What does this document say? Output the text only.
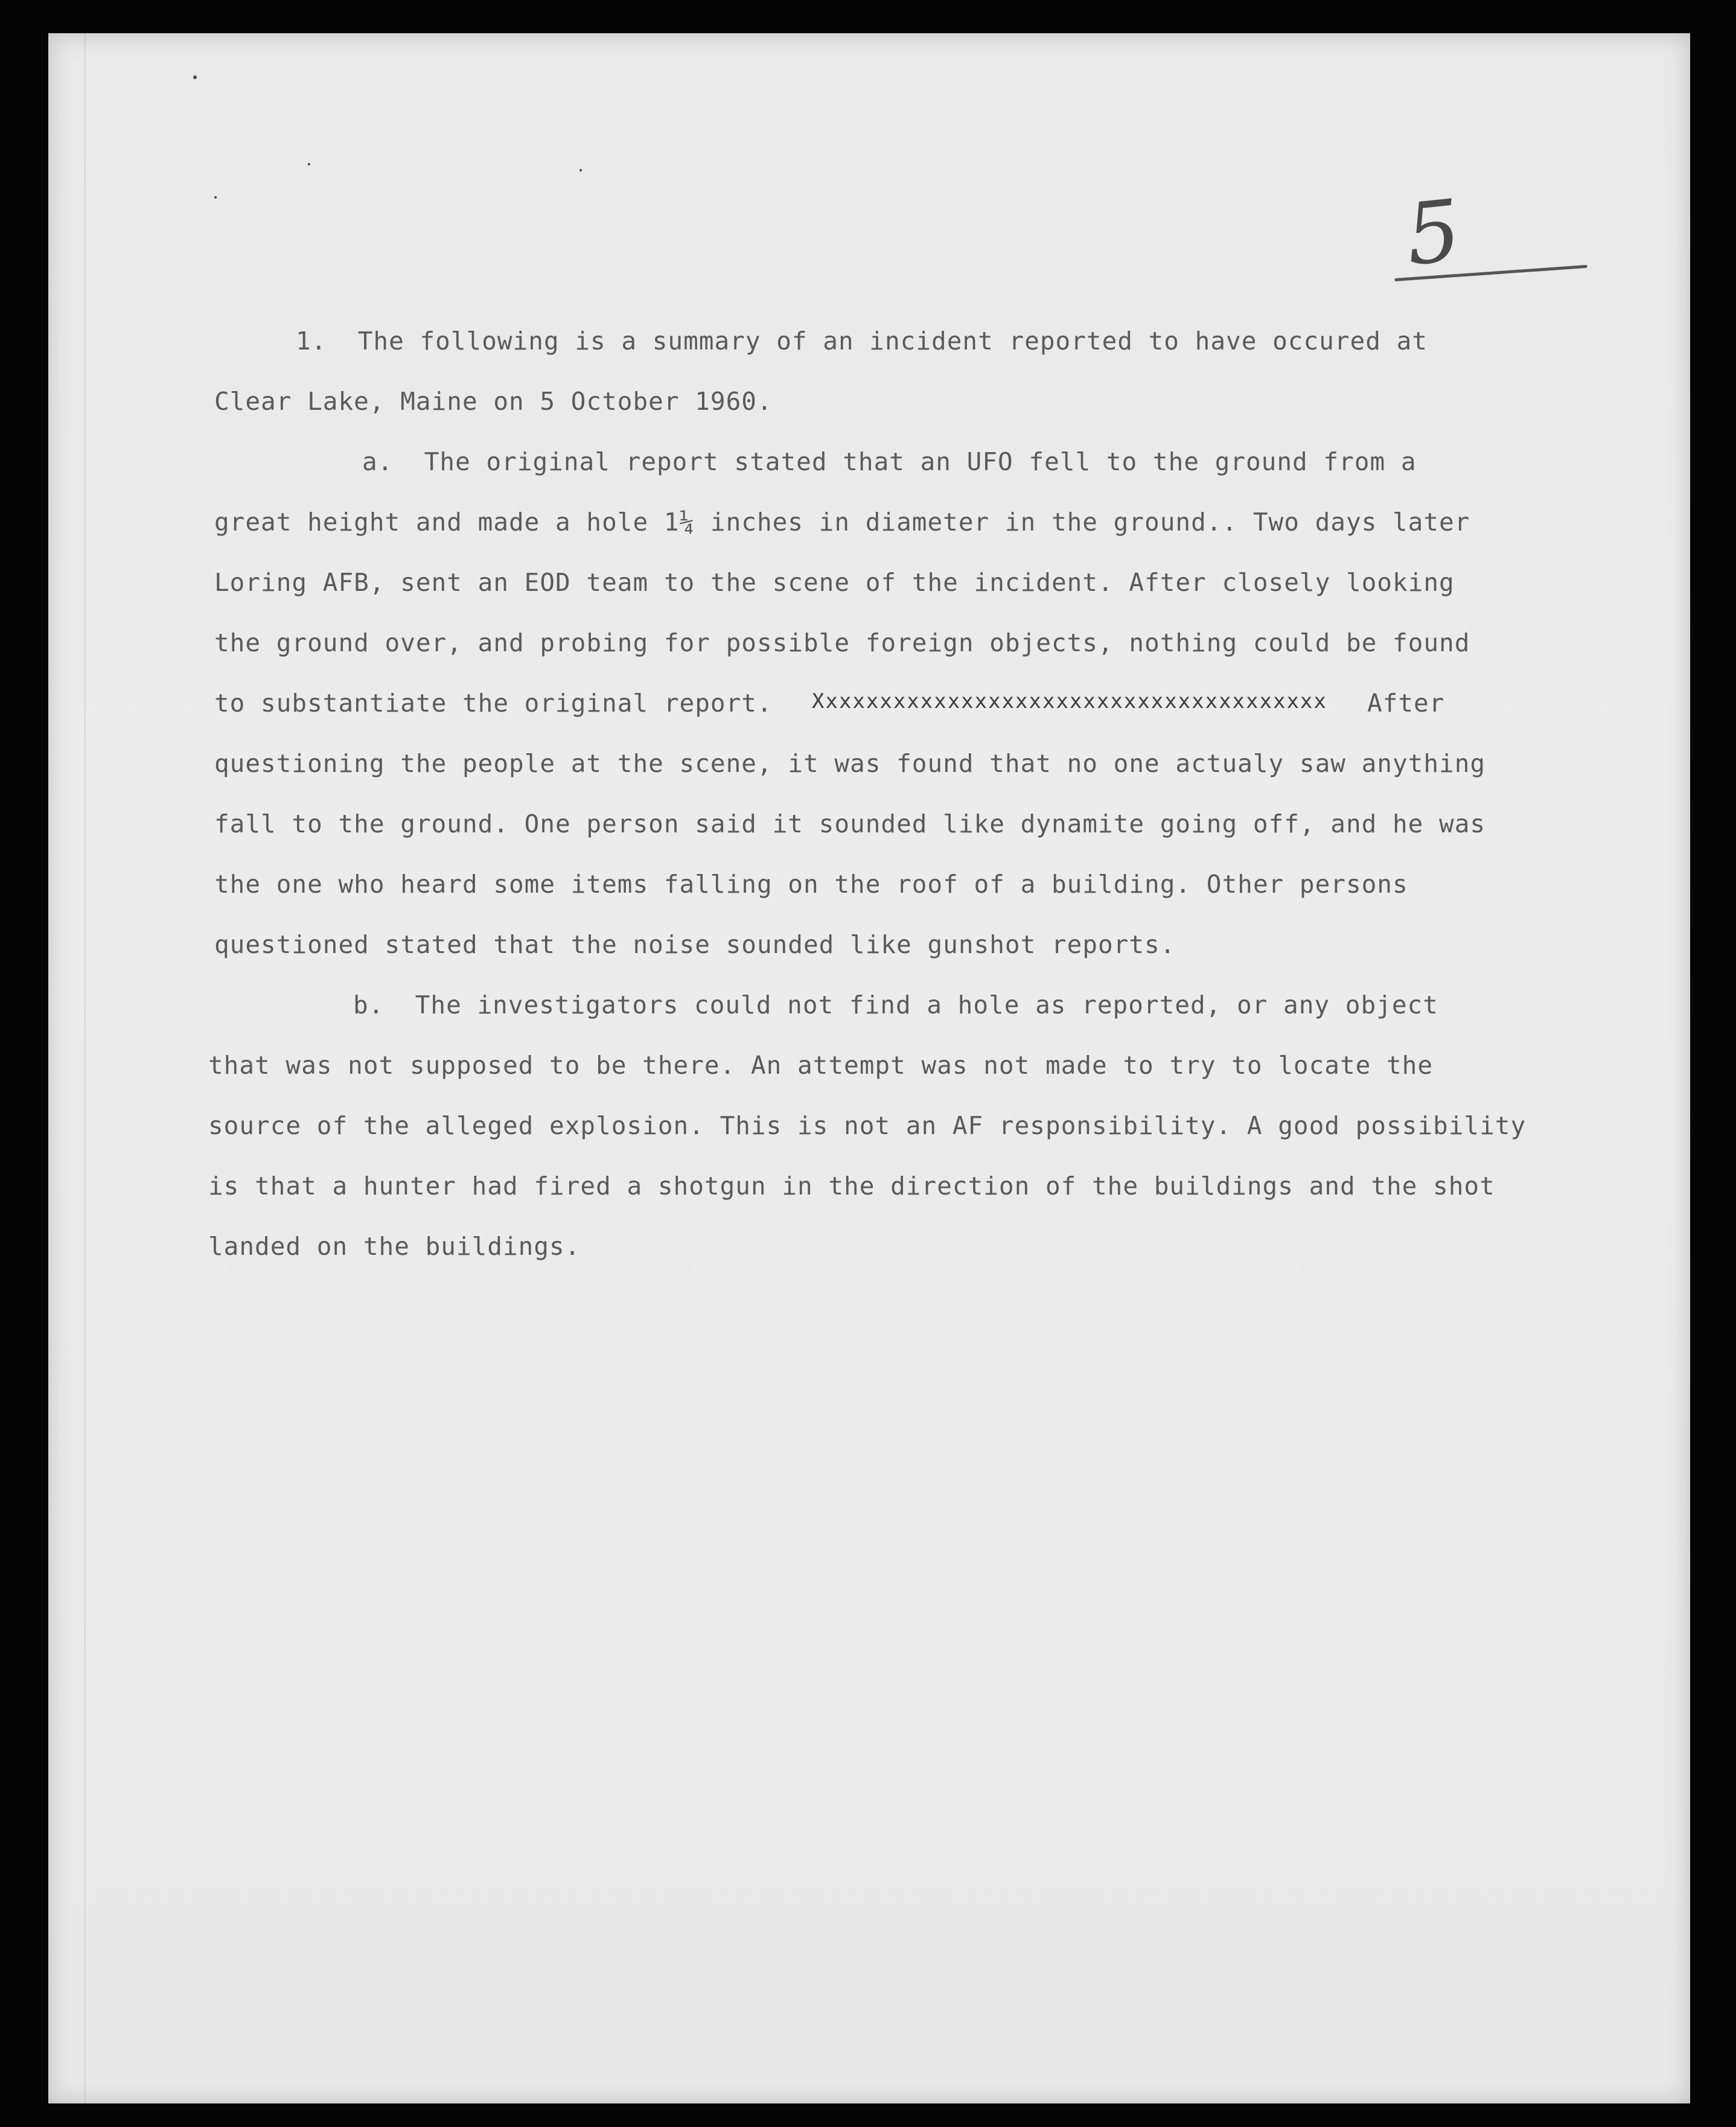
5
1.  The following is a summary of an incident reported to have occured at
Clear Lake, Maine on 5 October 1960.
a.  The original report stated that an UFO fell to the ground from a
great height and made a hole 1¼ inches in diameter in the ground.. Two days later
Loring AFB, sent an EOD team to the scene of the incident. After closely looking
the ground over, and probing for possible foreign objects, nothing could be found
to substantiate the original report. Xxxxxxxxxxxxxxxxxxxxxxxxxxxxxxxxxxxxxx After
questioning the people at the scene, it was found that no one actualy saw anything
fall to the ground. One person said it sounded like dynamite going off, and he was
the one who heard some items falling on the roof of a building. Other persons
questioned stated that the noise sounded like gunshot reports.
b.  The investigators could not find a hole as reported, or any object
that was not supposed to be there. An attempt was not made to try to locate the
source of the alleged explosion. This is not an AF responsibility. A good possibility
is that a hunter had fired a shotgun in the direction of the buildings and the shot
landed on the buildings.
